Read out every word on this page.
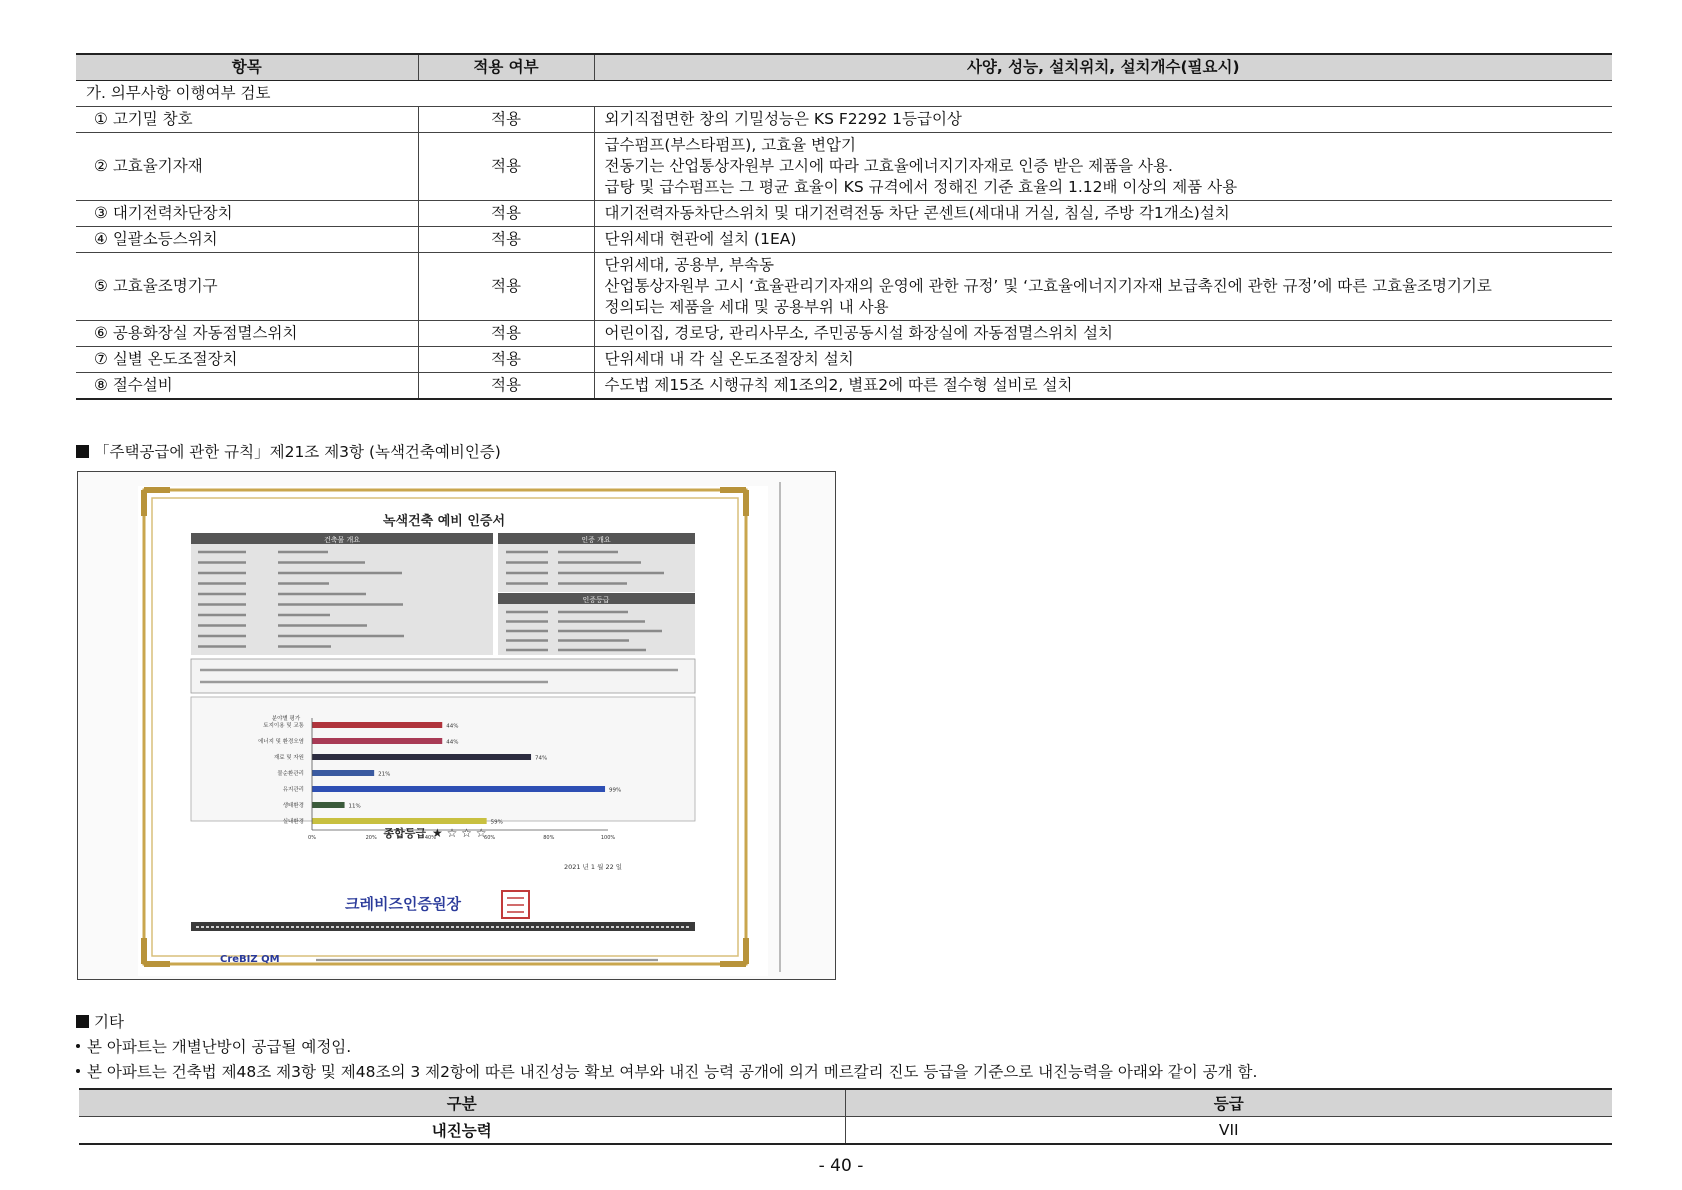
항목	적용 여부	사양, 성능, 설치위치, 설치개수(필요시)
가. 의무사항 이행여부 검토		
① 고기밀 창호	적용	외기직접면한 창의 기밀성능은 KS F2292 1등급이상

② 고효율기자재	적용	급수펌프(부스타펌프), 고효율 변압기
전동기는 산업통상자원부 고시에 따라 고효율에너지기자재로 인증 받은 제품을 사용.
급탕 및 급수펌프는 그 평균 효율이 KS 규격에서 정해진 기준 효율의 1.12배 이상의 제품 사용

③ 대기전력차단장치	적용	대기전력자동차단스위치 및 대기전력전동 차단 콘센트(세대내 거실, 침실, 주방 각1개소)설치

④ 일괄소등스위치	적용	단위세대 현관에 설치 (1EA)

⑤ 고효율조명기구	적용	단위세대, 공용부, 부속동
산업통상자원부 고시 ‘효율관리기자재의 운영에 관한 규정’ 및 ‘고효율에너지기자재 보급촉진에 관한 규정’에 따른 고효율조명기기로
정의되는 제품을 세대 및 공용부위 내 사용

⑥ 공용화장실 자동점멸스위치	적용	어린이집, 경로당, 관리사무소, 주민공동시설 화장실에 자동점멸스위치 설치

⑦ 실별 온도조절장치	적용	단위세대 내 각 실 온도조절장치 설치

⑧ 절수설비	적용	수도법 제15조 시행규칙 제1조의2, 별표2에 따른 절수형 설비로 설치
「주택공급에 관한 규칙」제21조 제3항 (녹색건축예비인증)
녹색건축 예비 인증서
건축물 개요	인증 개요
인증등급
분야별 평가
토지이용 및 교통	44%
에너지 및 환경오염	44%
재료 및 자원	74%
물순환관리	21%
유지관리	99%
생태환경	11%
실내환경	59%
0%	20%	40%	60%	80%	100%
종합등급 ★ ☆ ☆ ☆
2021 년 1 월 22 일
크레비즈인증원장
CreBIZ QM
기타
본 아파트는 개별난방이 공급될 예정임.
본 아파트는 건축법 제48조 제3항 및 제48조의 3 제2항에 따른 내진성능 확보 여부와 내진 능력 공개에 의거 메르칼리 진도 등급을 기준으로 내진능력을 아래와 같이 공개 함.
구분	등급
내진능력	VII
- 40 -
